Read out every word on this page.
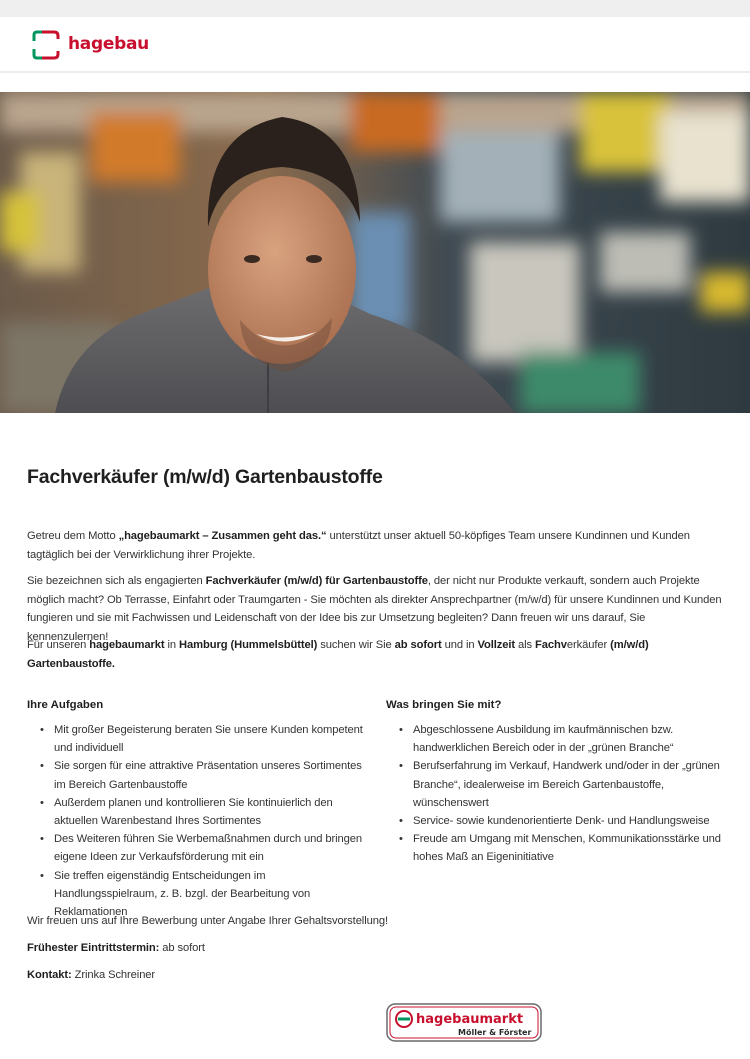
hagebau
Fachverkäufer (m/w/d) Gartenbaustoffe

Getreu dem Motto „hagebaumarkt – Zusammen geht das.“ unterstützt unser aktuell 50-köpfiges Team unsere Kundinnen und Kunden tagtäglich bei der Verwirklichung ihrer Projekte.

Sie bezeichnen sich als engagierten Fachverkäufer (m/w/d) für Gartenbaustoffe, der nicht nur Produkte verkauft, sondern auch Projekte möglich macht? Ob Terrasse, Einfahrt oder Traumgarten - Sie möchten als direkter Ansprechpartner (m/w/d) für unsere Kundinnen und Kunden fungieren und sie mit Fachwissen und Leidenschaft von der Idee bis zur Umsetzung begleiten? Dann freuen wir uns darauf, Sie kennenzulernen!

Für unseren hagebaumarkt in Hamburg (Hummelsbüttel) suchen wir Sie ab sofort und in Vollzeit als Fachverkäufer (m/w/d) Gartenbaustoffe.

Ihre Aufgaben
• Mit großer Begeisterung beraten Sie unsere Kunden kompetent und individuell
• Sie sorgen für eine attraktive Präsentation unseres Sortimentes im Bereich Gartenbaustoffe
• Außerdem planen und kontrollieren Sie kontinuierlich den aktuellen Warenbestand Ihres Sortimentes
• Des Weiteren führen Sie Werbemaßnahmen durch und bringen eigene Ideen zur Verkaufsförderung mit ein
• Sie treffen eigenständig Entscheidungen im Handlungsspielraum, z. B. bzgl. der Bearbeitung von Reklamationen
Was bringen Sie mit?
• Abgeschlossene Ausbildung im kaufmännischen bzw. handwerklichen Bereich oder in der „grünen Branche“
• Berufserfahrung im Verkauf, Handwerk und/oder in der „grünen Branche“, idealerweise im Bereich Gartenbaustoffe, wünschenswert
• Service- sowie kundenorientierte Denk- und Handlungsweise
• Freude am Umgang mit Menschen, Kommunikationsstärke und hohes Maß an Eigeninitiative

Wir freuen uns auf Ihre Bewerbung unter Angabe Ihrer Gehaltsvorstellung!

Frühester Eintrittstermin: ab sofort

Kontakt: Zrinka Schreiner

hagebaumarkt
Möller & Förster
